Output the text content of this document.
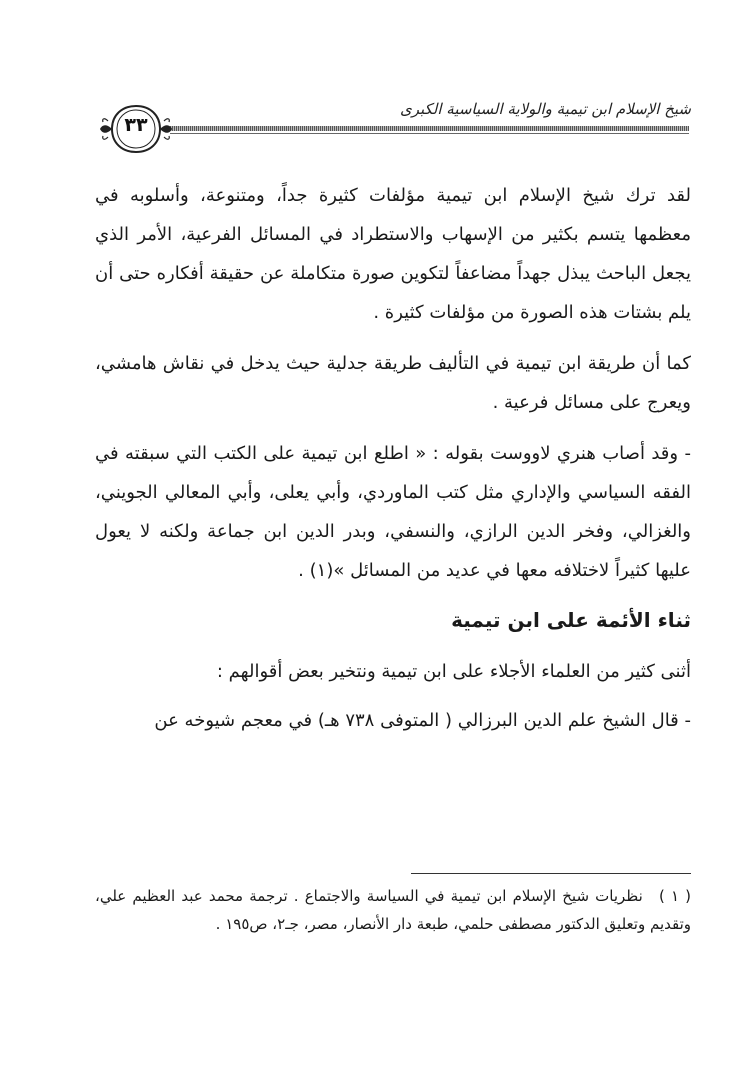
شيخ الإسلام ابن تيمية والولاية السياسية الكبرى
٣٣

لقد ترك شيخ الإسلام ابن تيمية مؤلفات كثيرة جداً، ومتنوعة، وأسلوبه في معظمها يتسم بكثير من الإسهاب والاستطراد في المسائل الفرعية، الأمر الذي يجعل الباحث يبذل جهداً مضاعفاً لتكوين صورة متكاملة عن حقيقة أفكاره حتى أن يلم بشتات هذه الصورة من مؤلفات كثيرة .

كما أن طريقة ابن تيمية في التأليف طريقة جدلية حيث يدخل في نقاش هامشي، ويعرج على مسائل فرعية .

- وقد أصاب هنري لاووست بقوله : « اطلع ابن تيمية على الكتب التي سبقته في الفقه السياسي والإداري مثل كتب الماوردي، وأبي يعلى، وأبي المعالي الجويني، والغزالي، وفخر الدين الرازي، والنسفي، وبدر الدين ابن جماعة ولكنه لا يعول عليها كثيراً لاختلافه معها في عديد من المسائل »(١) .

ثناء الأئمة على ابن تيمية

أثنى كثير من العلماء الأجلاء على ابن تيمية ونتخير بعض أقوالهم :

- قال الشيخ علم الدين البرزالي ( المتوفى ٧٣٨ هـ) في معجم شيوخه عن

( ١ ) نظريات شيخ الإسلام ابن تيمية في السياسة والاجتماع . ترجمة محمد عبد العظيم علي، وتقديم وتعليق الدكتور مصطفى حلمي، طبعة دار الأنصار، مصر، جـ٢، ص١٩٥ .
